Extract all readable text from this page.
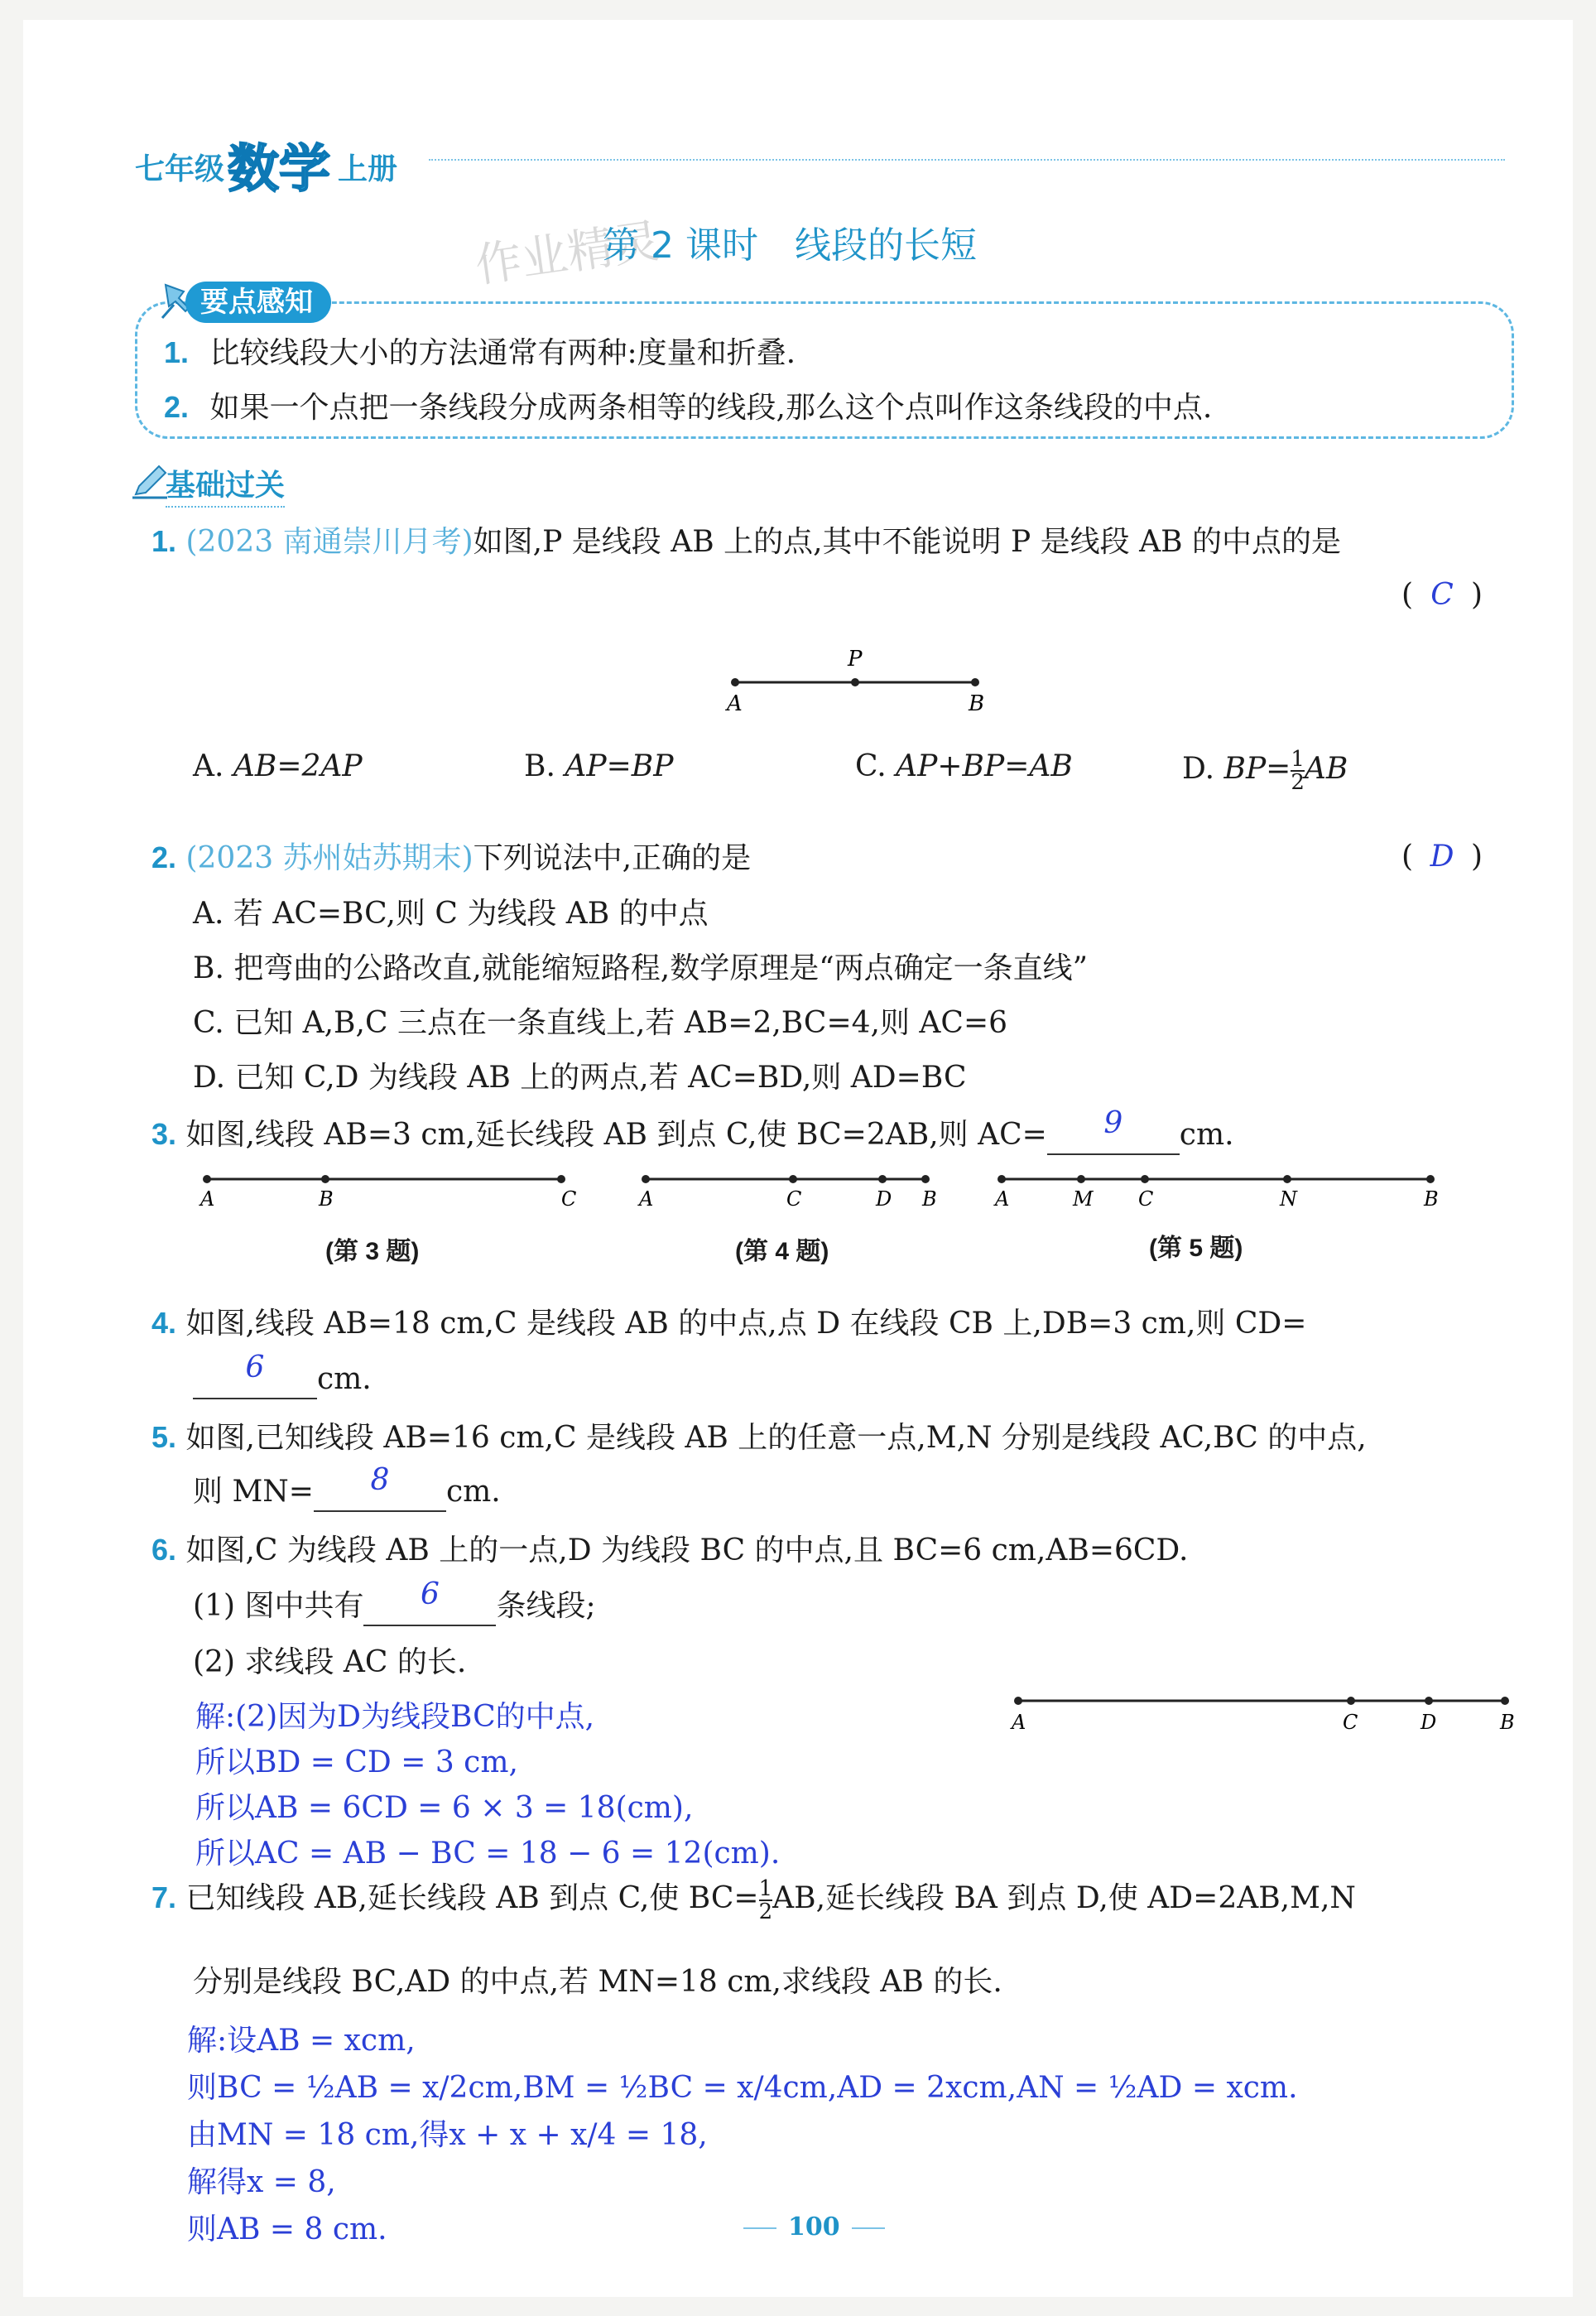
七年级 数学 上册
作业精灵
第 2 课时　线段的长短
要点感知
1. 比较线段大小的方法通常有两种:度量和折叠.
2. 如果一个点把一条线段分成两条相等的线段,那么这个点叫作这条线段的中点.
基础过关
1. (2023 南通崇川月考)如图,P 是线段 AB 上的点,其中不能说明 P 是线段 AB 的中点的是
( C )
A
P
B
A. AB=2AP	B. AP=BP	C. AP+BP=AB	D. $BP= \frac{1}{2}$ AB
2. (2023 苏州姑苏期末)下列说法中,正确的是	( D )
A. 若 AC=BC,则 C 为线段 AB 的中点
B. 把弯曲的公路改直,就能缩短路程,数学原理是“两点确定一条直线”
C. 已知 A,B,C 三点在一条直线上,若 AB=2,BC=4,则 AC=6
D. 已知 C,D 为线段 AB 上的两点,若 AC=BD,则 AD=BC
3. 如图,线段 AB=3 cm,延长线段 AB 到点 C,使 BC=2AB,则 AC=	9	cm.
A	B	C
(第 3 题)
A	C	D B
(第 4 题)
A	M C	N	B
(第 5 题)
4. 如图,线段 AB=18 cm,C 是线段 AB 的中点,点 D 在线段 CB 上,DB=3 cm,则 CD=
6	cm.
5. 如图,已知线段 AB=16 cm,C 是线段 AB 上的任意一点,M,N 分别是线段 AC,BC 的中点,
则 MN=	8	cm.
6. 如图,C 为线段 AB 上的一点,D 为线段 BC 的中点,且 BC=6 cm,AB=6CD.
(1) 图中共有	6	条线段;
(2) 求线段 AC 的长.
解:(2)因为D为线段BC的中点,
所以BD = CD = 3 cm,
所以AB = 6CD = 6 × 3 = 18(cm),
所以AC = AB − BC = 18 − 6 = 12(cm).
A	C	D	B
7. 已知线段 AB,延长线段 AB 到点 C,使 $BC= \frac{1}{2}$ AB,延长线段 BA 到点 D,使 AD=2AB,M,N
分别是线段 BC,AD 的中点,若 MN=18 cm,求线段 AB 的长.
解:设AB = xcm,
则BC = ½AB = x/2cm,BM = ½BC = x/4cm,AD = 2xcm,AN = ½AD = xcm.
由MN = 18 cm,得x + x + x/4 = 18,
解得x = 8,
则AB = 8 cm.	100
